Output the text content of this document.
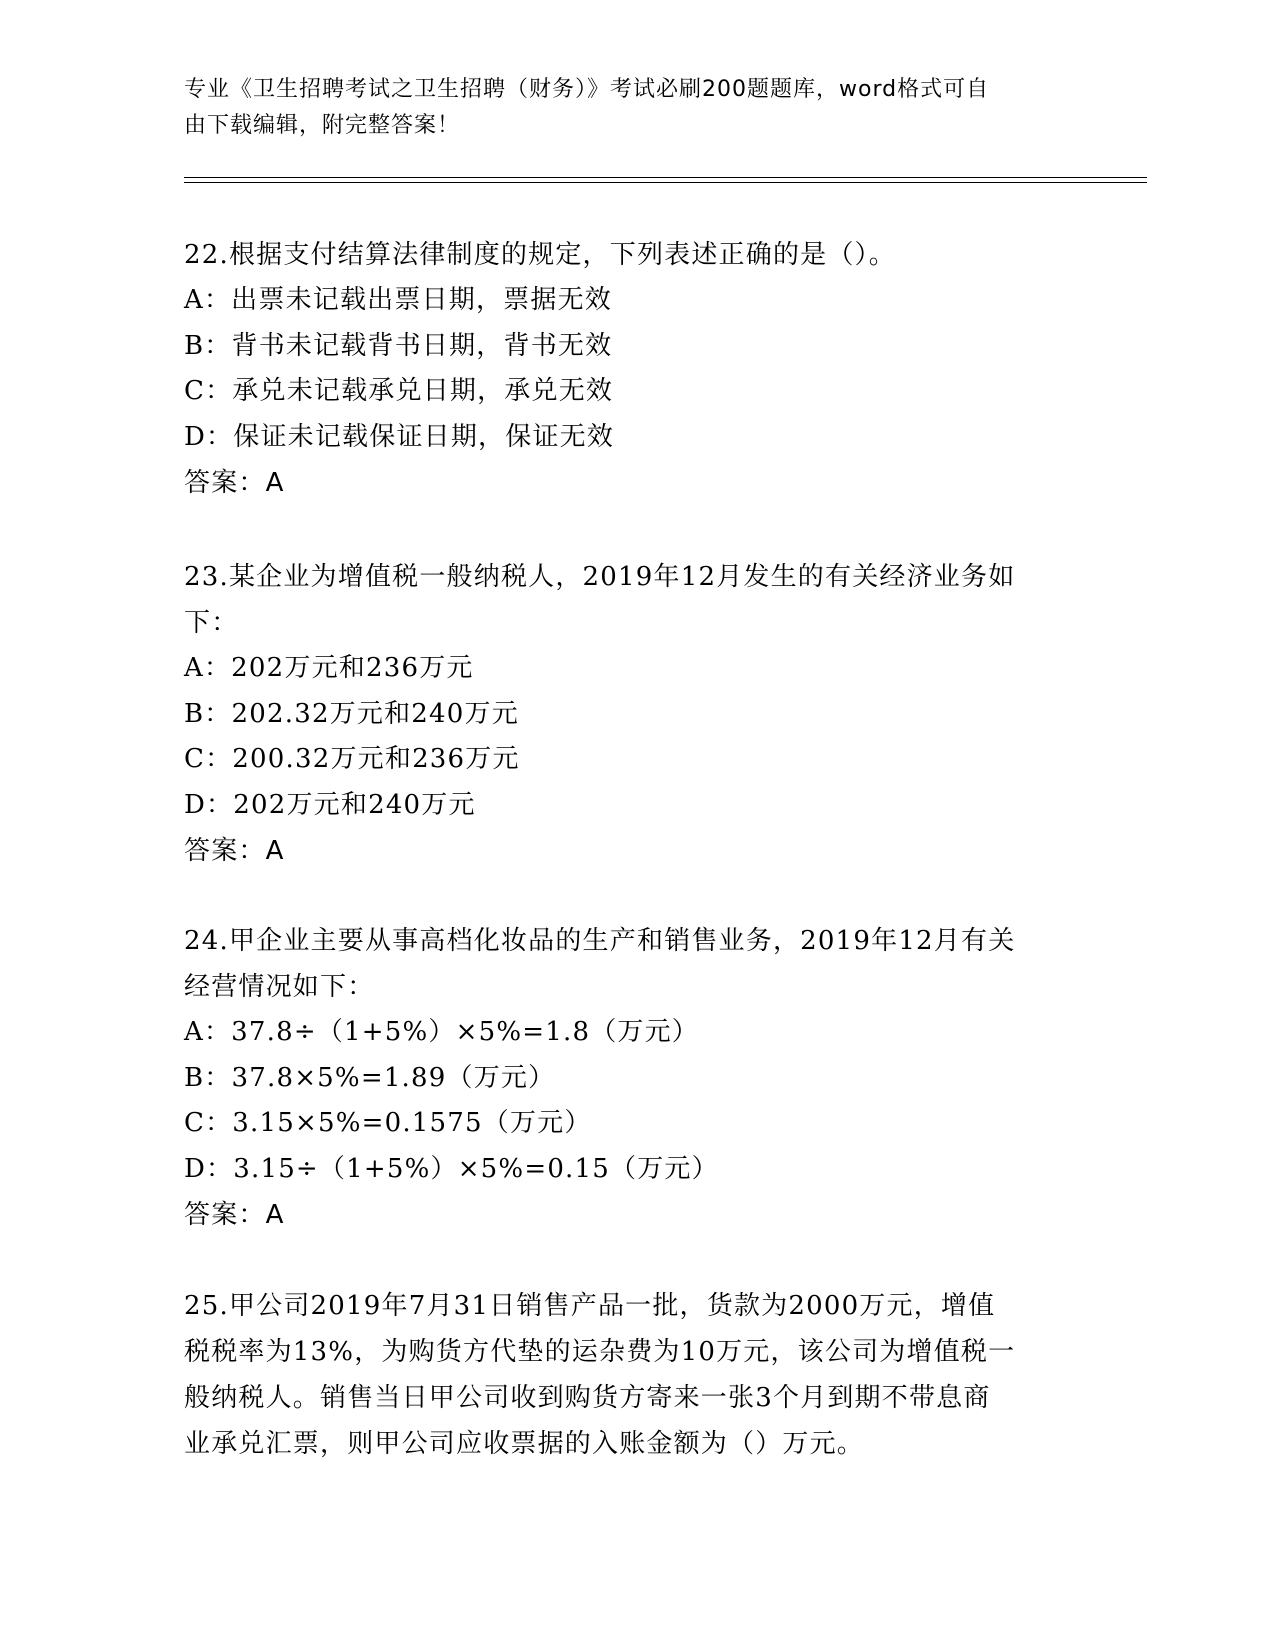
专业《卫生招聘考试之卫生招聘（财务）》考试必刷200题题库，word格式可自
由下载编辑，附完整答案！
22.根据支付结算法律制度的规定，下列表述正确的是（）。
A：出票未记载出票日期，票据无效
B：背书未记载背书日期，背书无效
C：承兑未记载承兑日期，承兑无效
D：保证未记载保证日期，保证无效
答案：A
23.某企业为增值税一般纳税人，2019年12月发生的有关经济业务如
下：
A：202万元和236万元
B：202.32万元和240万元
C：200.32万元和236万元
D：202万元和240万元
答案：A
24.甲企业主要从事高档化妆品的生产和销售业务，2019年12月有关
经营情况如下：
A：37.8÷（1+5%）×5%=1.8（万元）
B：37.8×5%=1.89（万元）
C：3.15×5%=0.1575（万元）
D：3.15÷（1+5%）×5%=0.15（万元）
答案：A
25.甲公司2019年7月31日销售产品一批，货款为2000万元，增值
税税率为13%，为购货方代垫的运杂费为10万元，该公司为增值税一
般纳税人。销售当日甲公司收到购货方寄来一张3个月到期不带息商
业承兑汇票，则甲公司应收票据的入账金额为（）万元。
